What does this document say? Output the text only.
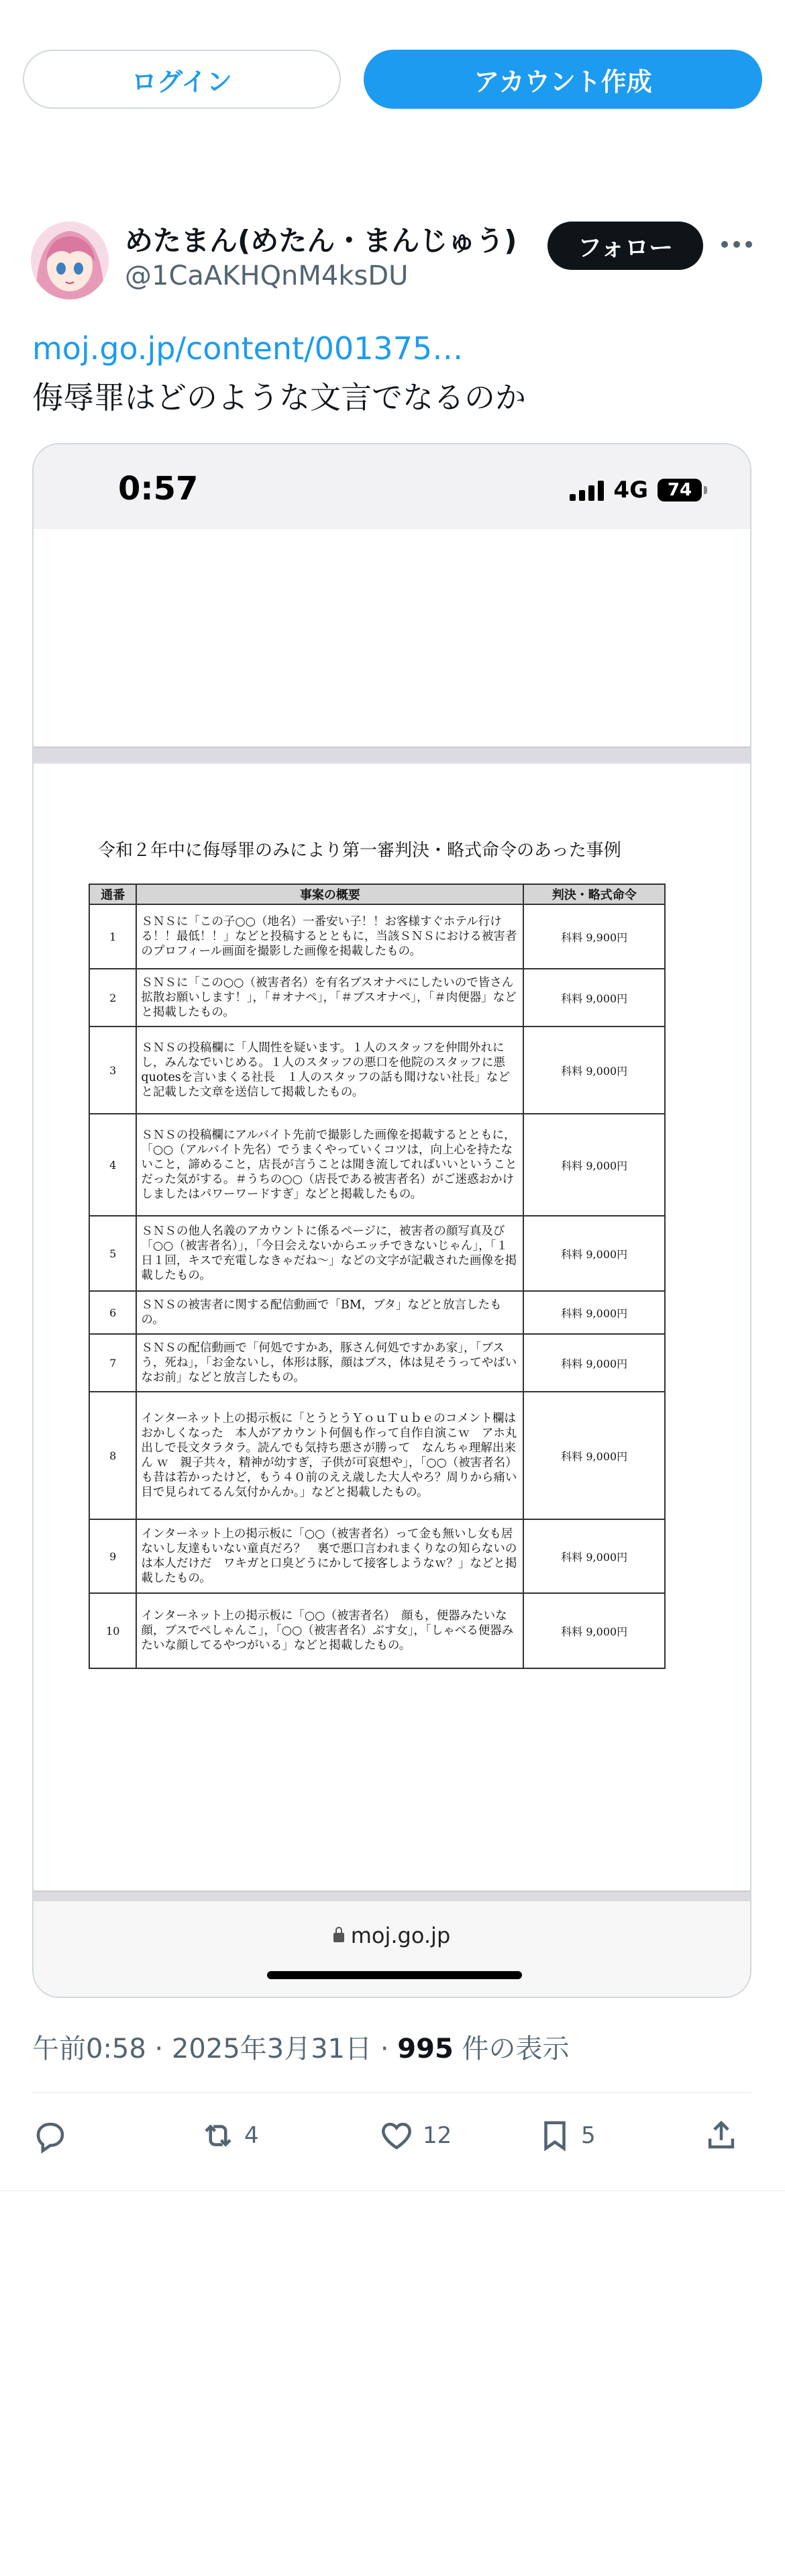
ログイン	アカウント作成
めたまん(めたん・まんじゅう)
@1CaAKHQnM4ksDU
フォロー
moj.go.jp/content/001375…
侮辱罪はどのような文言でなるのか
0:57	4G 74
令和２年中に侮辱罪のみにより第一審判決・略式命令のあった事例
通番	事案の概要	判決・略式命令
1	ＳＮＳに「この子○○（地名）一番安い子！！お客様すぐホテル行ける！！最低！！」などと投稿するとともに，当該ＳＮＳにおける被害者のプロフィール画面を撮影した画像を掲載したもの。	科料 9,900円
2	ＳＮＳに「この○○（被害者名）を有名ブスオナペにしたいので皆さん拡散お願いします！」，「＃オナペ」，「＃ブスオナペ」，「＃肉便器」などと掲載したもの。	科料 9,000円
3	ＳＮＳの投稿欄に「人間性を疑います。１人のスタッフを仲間外れにし，みんなでいじめる。１人のスタッフの悪口を他院のスタッフに悪quotesを言いまくる社長　１人のスタッフの話も聞けない社長」などと記載した文章を送信して掲載したもの。	科料 9,000円
4	ＳＮＳの投稿欄にアルバイト先前で撮影した画像を掲載するとともに，「○○（アルバイト先名）でうまくやっていくコツは，向上心を持たないこと，諦めること，店長が言うことは聞き流してればいいということだった気がする。＃うちの○○（店長である被害者名）がご迷惑おかけしましたはパワーワードすぎ」などと掲載したもの。	科料 9,000円
5	ＳＮＳの他人名義のアカウントに係るページに，被害者の顔写真及び「○○（被害者名）」，「今日会えないからエッチできないじゃん」，「１日１回，キスで充電しなきゃだね〜」などの文字が記載された画像を掲載したもの。	科料 9,000円
6	ＳＮＳの被害者に関する配信動画で「BM，ブタ」などと放言したもの。	科料 9,000円
7	ＳＮＳの配信動画で「何処ですかあ，豚さん何処ですかあ家」，「ブスう，死ね」，「お金ないし，体形は豚，顔はブス，体は見そうってやばいなお前」などと放言したもの。	科料 9,000円
8	インターネット上の掲示板に「とうとうＹｏｕＴｕｂｅのコメント欄はおかしくなった　本人がアカウント何個も作って自作自演こｗ　アホ丸出しで長文タラタラ。読んでも気持ち悪さが勝って　なんちゃ理解出来ん ｗ　親子共々，精神が幼すぎ，子供が可哀想や」，「○○（被害者名）も昔は若かったけど，もう４０前のええ歳した大人やろ？周りから痛い目で見られてるん気付かんか。」などと掲載したもの。	科料 9,000円
9	インターネット上の掲示板に「○○（被害者名）って金も無いし女も居ないし友達もいない童貞だろ？　裏で悪口言われまくりなの知らないのは本人だけだ　ワキガと口臭どうにかして接客しようなｗ？」などと掲載したもの。	科料 9,000円
10	インターネット上の掲示板に「○○（被害者名）　顔も，便器みたいな顔，ブスでぺしゃんこ」，「○○（被害者名）ぶす女」，「しゃべる便器みたいな顔してるやつがいる」などと掲載したもの。	科料 9,000円
moj.go.jp
午前0:58 · 2025年3月31日 · 995 件の表示
4	12	5
